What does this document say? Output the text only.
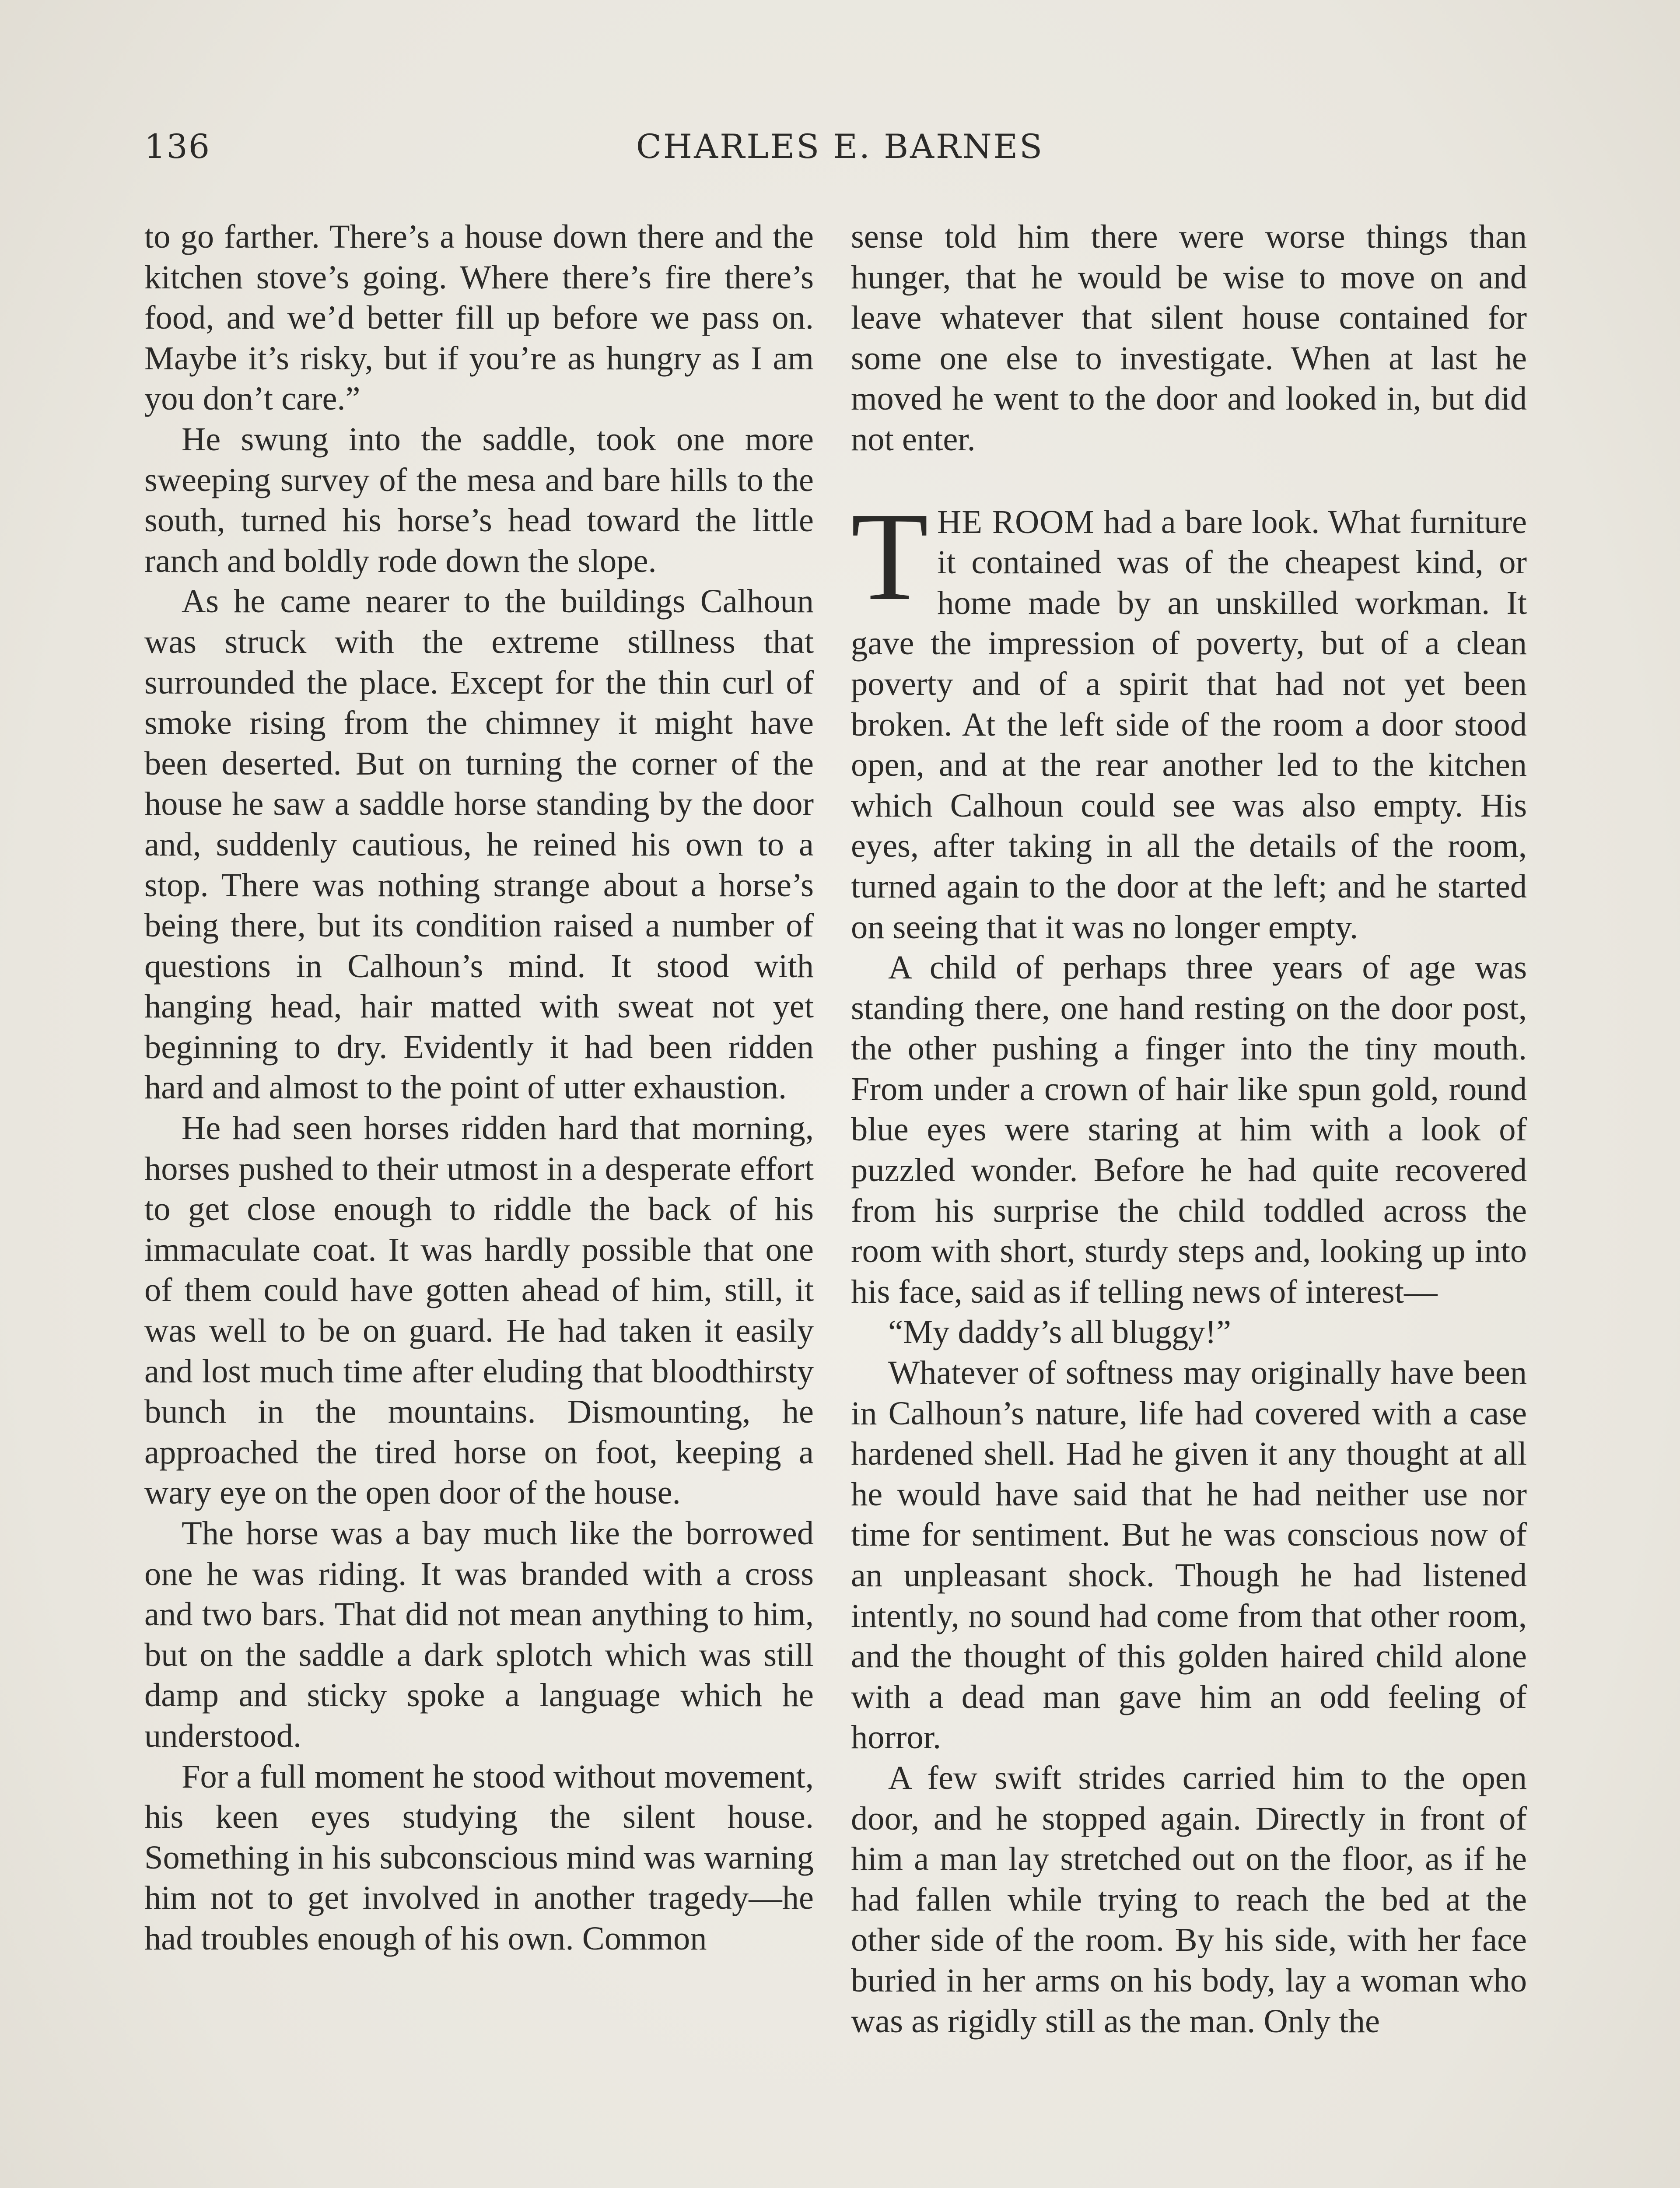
136	CHARLES E. BARNES

to go farther. There’s a house down there and the kitchen stove’s going. Where there’s fire there’s food, and we’d better fill up before we pass on. Maybe it’s risky, but if you’re as hungry as I am you don’t care.”

He swung into the saddle, took one more sweeping survey of the mesa and bare hills to the south, turned his horse’s head toward the little ranch and boldly rode down the slope.

As he came nearer to the buildings Calhoun was struck with the extreme stillness that surrounded the place. Except for the thin curl of smoke rising from the chimney it might have been deserted. But on turning the corner of the house he saw a saddle horse standing by the door and, suddenly cautious, he reined his own to a stop. There was nothing strange about a horse’s being there, but its condition raised a number of questions in Calhoun’s mind. It stood with hanging head, hair matted with sweat not yet beginning to dry. Evidently it had been ridden hard and almost to the point of utter exhaustion.

He had seen horses ridden hard that morning, horses pushed to their utmost in a desperate effort to get close enough to riddle the back of his immaculate coat. It was hardly possible that one of them could have gotten ahead of him, still, it was well to be on guard. He had taken it easily and lost much time after eluding that bloodthirsty bunch in the mountains. Dismounting, he approached the tired horse on foot, keeping a wary eye on the open door of the house.

The horse was a bay much like the borrowed one he was riding. It was branded with a cross and two bars. That did not mean anything to him, but on the saddle a dark splotch which was still damp and sticky spoke a language which he understood.

For a full moment he stood without movement, his keen eyes studying the silent house. Something in his subconscious mind was warning him not to get involved in another tragedy—he had troubles enough of his own. Common

sense told him there were worse things than hunger, that he would be wise to move on and leave whatever that silent house contained for some one else to investigate. When at last he moved he went to the door and looked in, but did not enter.

THE ROOM had a bare look. What furniture it contained was of the cheapest kind, or home made by an unskilled workman. It gave the impression of poverty, but of a clean poverty and of a spirit that had not yet been broken. At the left side of the room a door stood open, and at the rear another led to the kitchen which Calhoun could see was also empty. His eyes, after taking in all the details of the room, turned again to the door at the left; and he started on seeing that it was no longer empty.

A child of perhaps three years of age was standing there, one hand resting on the door post, the other pushing a finger into the tiny mouth. From under a crown of hair like spun gold, round blue eyes were staring at him with a look of puzzled wonder. Before he had quite recovered from his surprise the child toddled across the room with short, sturdy steps and, looking up into his face, said as if telling news of interest—

“My daddy’s all bluggy!”

Whatever of softness may originally have been in Calhoun’s nature, life had covered with a case hardened shell. Had he given it any thought at all he would have said that he had neither use nor time for sentiment. But he was conscious now of an unpleasant shock. Though he had listened intently, no sound had come from that other room, and the thought of this golden haired child alone with a dead man gave him an odd feeling of horror.

A few swift strides carried him to the open door, and he stopped again. Directly in front of him a man lay stretched out on the floor, as if he had fallen while trying to reach the bed at the other side of the room. By his side, with her face buried in her arms on his body, lay a woman who was as rigidly still as the man. Only the
